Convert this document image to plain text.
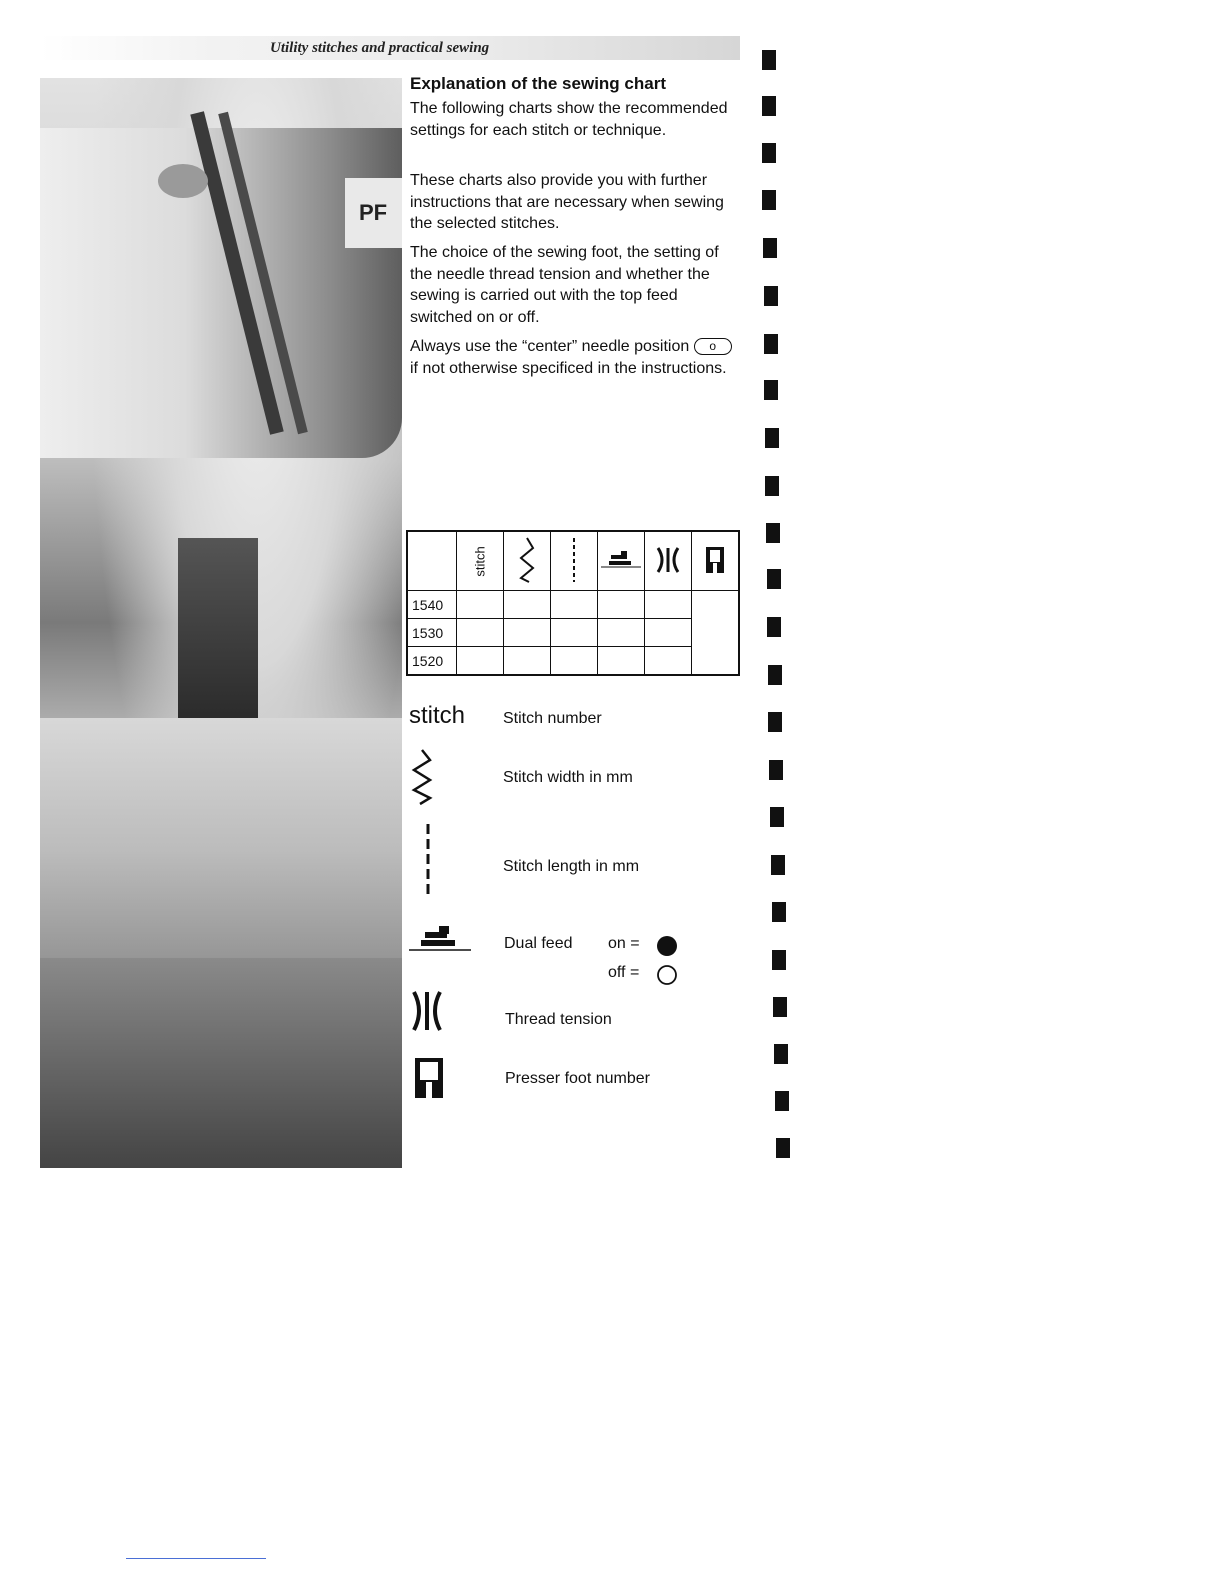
Utility stitches and practical sewing
PF
Explanation of the sewing chart

The following charts show the recommended settings for each stitch or technique.

These charts also provide you with further instructions that are necessary when sewing the selected stitches.

The choice of the sewing foot, the setting of the needle thread tension and whether the sewing is carried out with the top feed switched on or off.

Always use the “center” needle position o if not otherwise specificed in the instructions.

	stitch

1540						
1530						
1520						
stitch Stitch number
Stitch width in mm
Stitch length in mm
Dual feed on =
off =
Thread tension
Presser foot number
